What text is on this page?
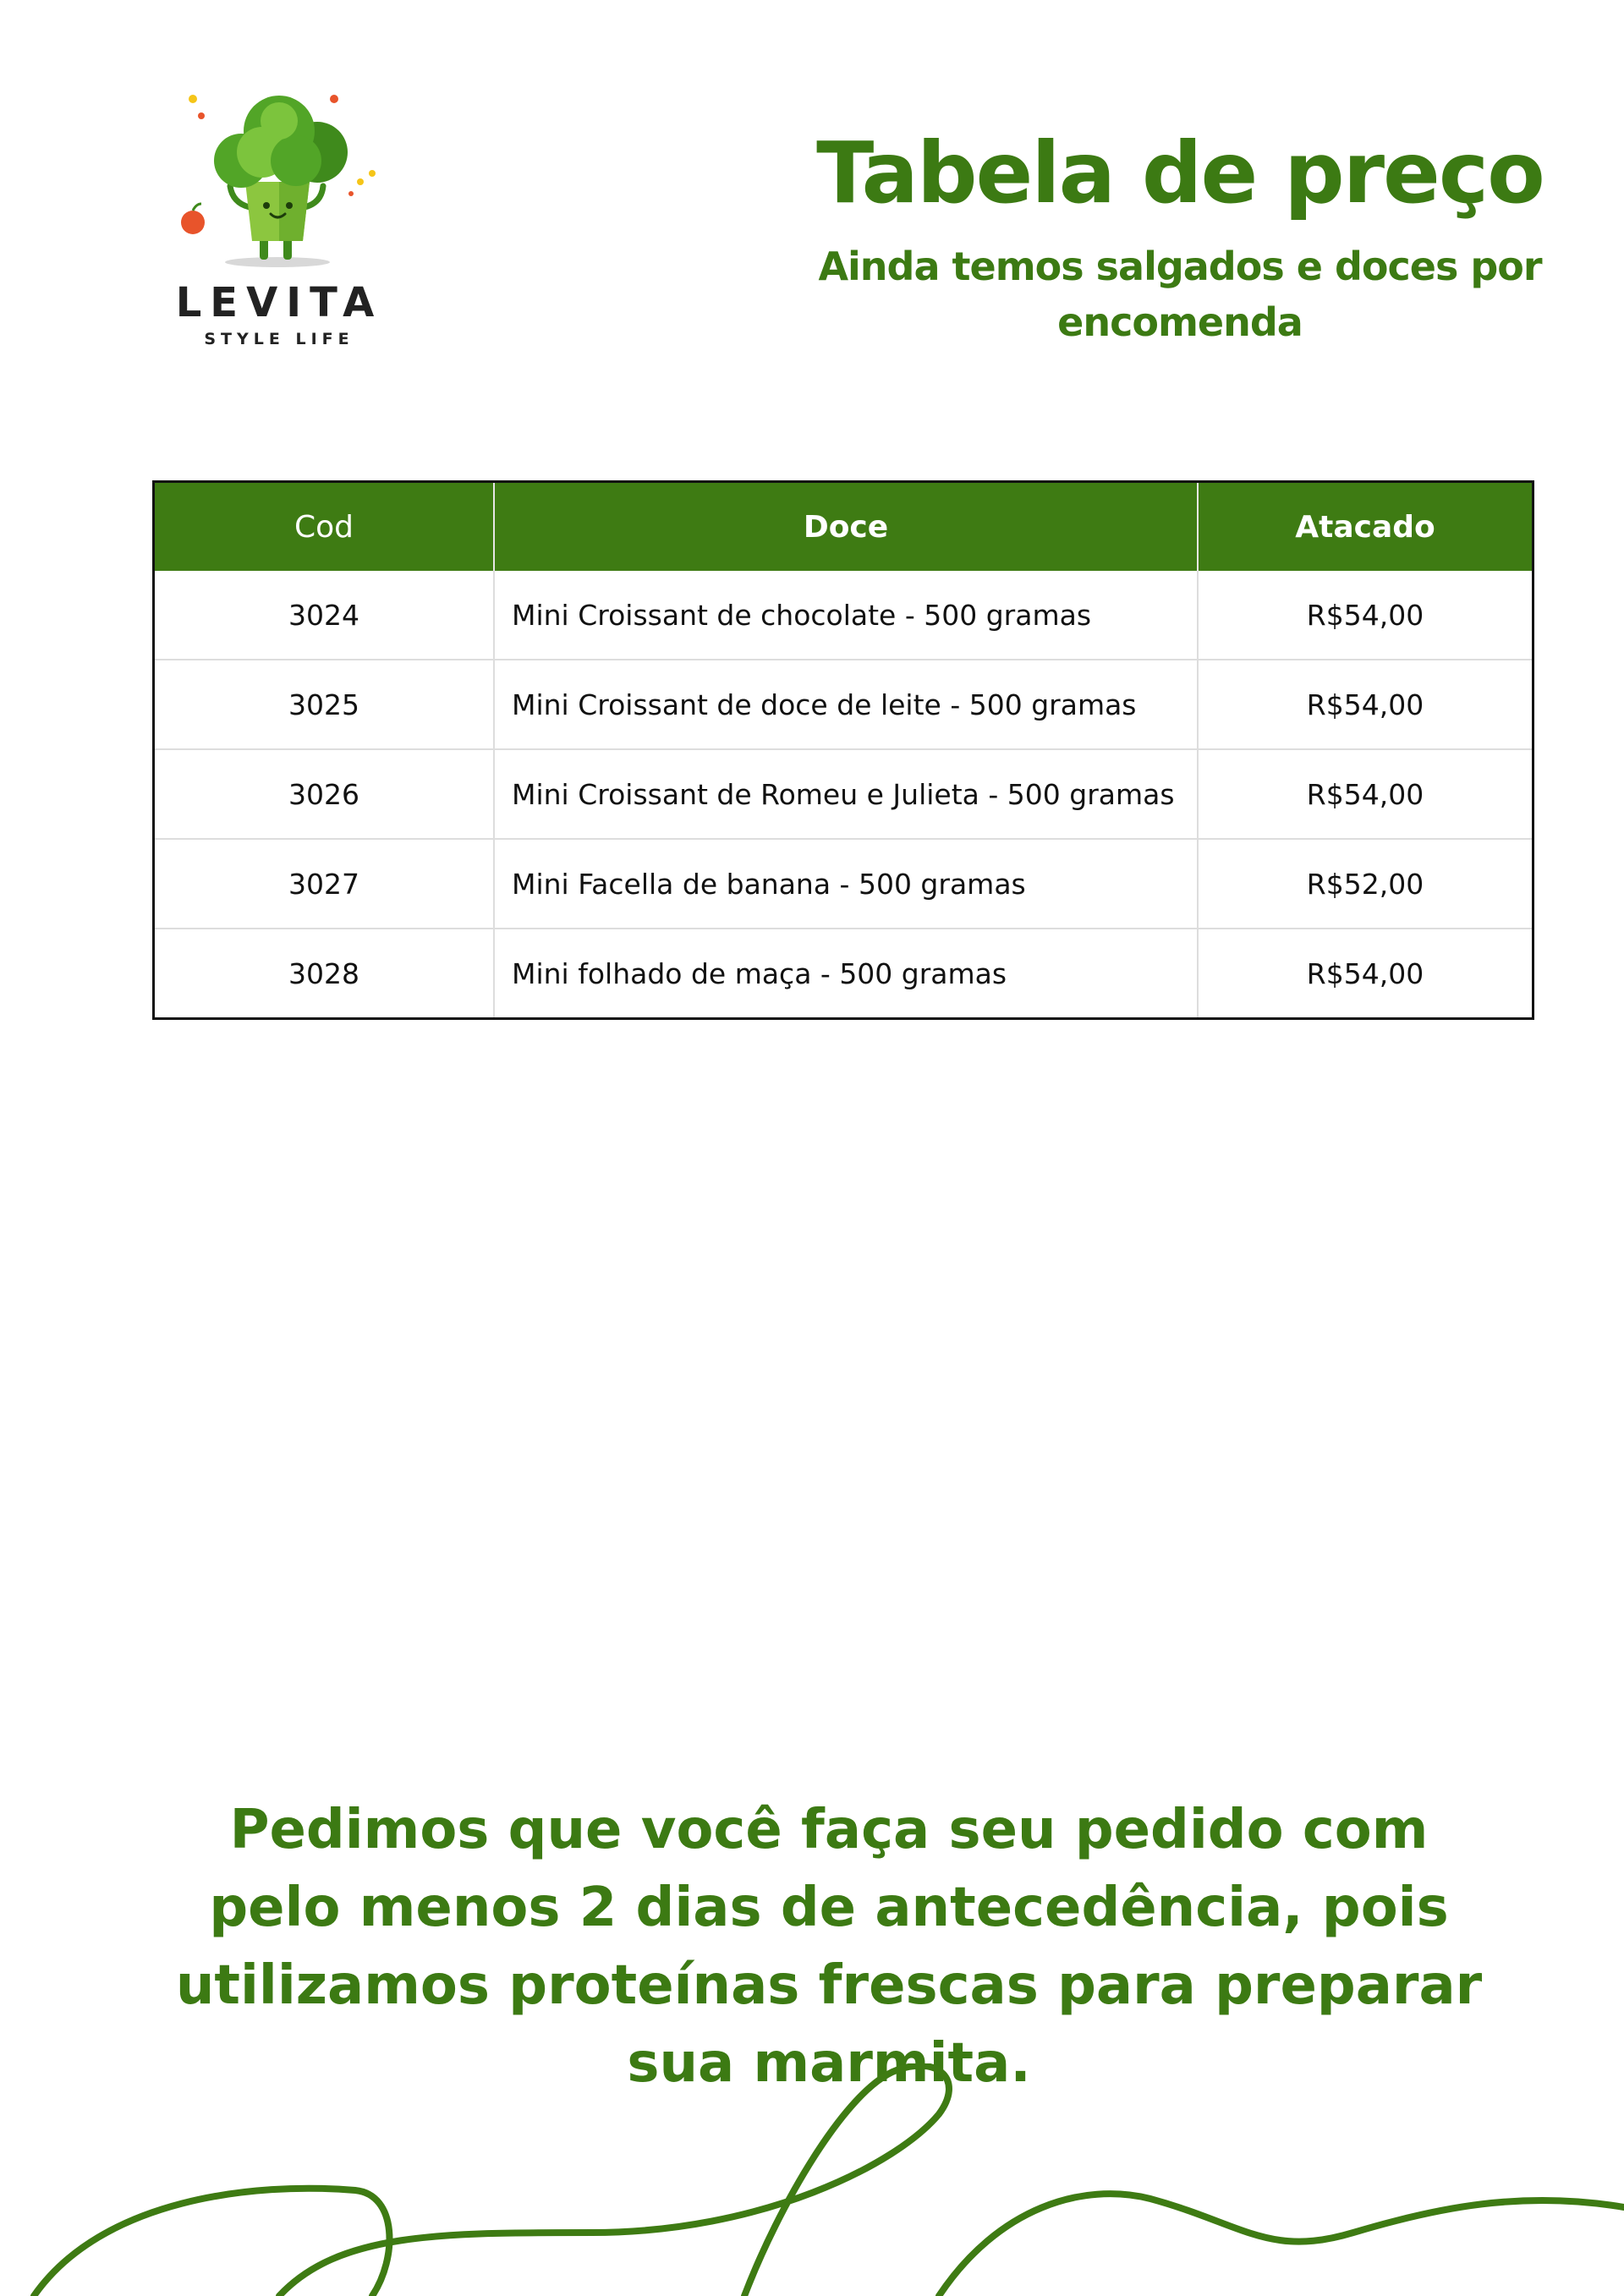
LEVITA
STYLE LIFE
Tabela de preço

Ainda temos salgados e doces por encomenda

Cod	Doce	Atacado
3024	Mini Croissant de chocolate - 500 gramas	R$54,00
3025	Mini Croissant de doce de leite - 500 gramas	R$54,00
3026	Mini Croissant de Romeu e Julieta - 500 gramas	R$54,00
3027	Mini Facella de banana - 500 gramas	R$52,00
3028	Mini folhado de maça - 500 gramas	R$54,00

Pedimos que você faça seu pedido com pelo menos 2 dias de antecedência, pois utilizamos proteínas frescas para preparar sua marmita.
